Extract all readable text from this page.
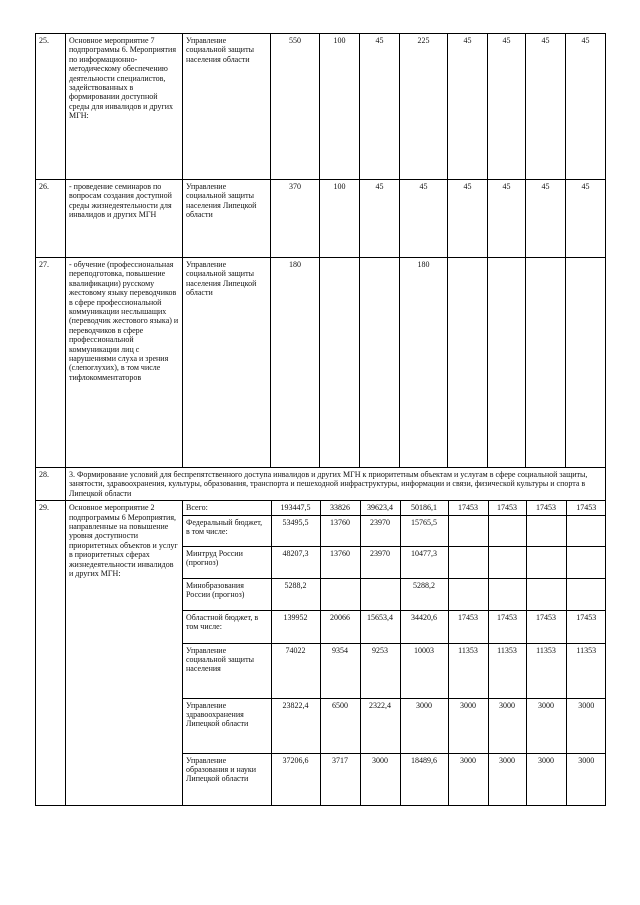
25.	Основное мероприятие 7 подпрограммы 6. Мероприятия по информационно-методическому обеспечению деятельности специалистов, задействованных в формировании доступной среды для инвалидов и других МГН:	Управление социальной защиты населения области	550	100	45	225	45	45	45	45
26.	- проведение семинаров по вопросам создания доступной среды жизнедеятельности для инвалидов и других МГН	Управление социальной защиты населения Липецкой области	370	100	45	45	45	45	45	45
27.	- обучение (профессиональная переподготовка, повышение квалификации) русскому жестовому языку переводчиков в сфере профессиональной коммуникации неслышащих (переводчик жестового языка) и переводчиков в сфере профессиональной коммуникации лиц с нарушениями слуха и зрения (слепоглухих), в том числе тифлокомментаторов	Управление социальной защиты населения Липецкой области	180			180				
28.	3. Формирование условий для беспрепятственного доступа инвалидов и других МГН к приоритетным объектам и услугам в сфере социальной защиты, занятости, здравоохранения, культуры, образования, транспорта и пешеходной инфраструктуры, информации и связи, физической культуры и спорта в Липецкой области
29.	Основное мероприятие 2 подпрограммы 6 Мероприятия, направленные на повышение уровня доступности приоритетных объектов и услуг в приоритетных сферах жизнедеятельности инвалидов и других МГН:	
Всего:	193447,5	33826	39623,4	50186,1	17453	17453	17453	17453
Федеральный бюджет, в том числе:	53495,5	13760	23970	15765,5				
Минтруд России (прогноз)	48207,3	13760	23970	10477,3				
Минобразования России (прогноз)	5288,2			5288,2				
Областной бюджет, в том числе:	139952	20066	15653,4	34420,6	17453	17453	17453	17453
Управление социальной защиты населения	74022	9354	9253	10003	11353	11353	11353	11353
Управление здравоохранения Липецкой области	23822,4	6500	2322,4	3000	3000	3000	3000	3000
Управление образования и науки Липецкой области	37206,6	3717	3000	18489,6	3000	3000	3000	3000
